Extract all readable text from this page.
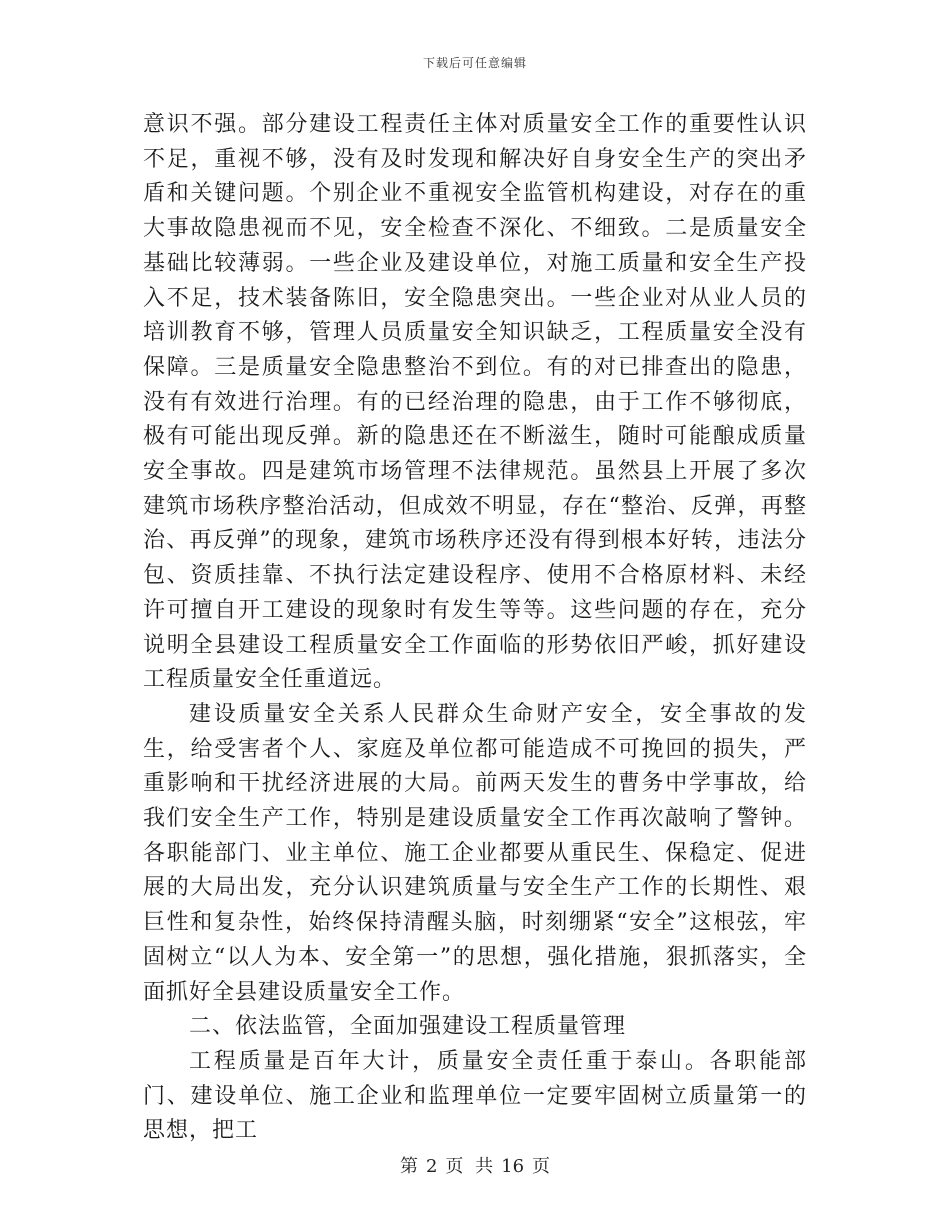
下载后可任意编辑

意识不强。部分建设工程责任主体对质量安全工作的重要性认识不足，重视不够，没有及时发现和解决好自身安全生产的突出矛盾和关键问题。个别企业不重视安全监管机构建设，对存在的重大事故隐患视而不见，安全检查不深化、不细致。二是质量安全基础比较薄弱。一些企业及建设单位，对施工质量和安全生产投入不足，技术装备陈旧，安全隐患突出。一些企业对从业人员的培训教育不够，管理人员质量安全知识缺乏，工程质量安全没有保障。三是质量安全隐患整治不到位。有的对已排查出的隐患，没有有效进行治理。有的已经治理的隐患，由于工作不够彻底，极有可能出现反弹。新的隐患还在不断滋生，随时可能酿成质量安全事故。四是建筑市场管理不法律规范。虽然县上开展了多次建筑市场秩序整治活动，但成效不明显，存在“整治、反弹，再整治、再反弹”的现象，建筑市场秩序还没有得到根本好转，违法分包、资质挂靠、不执行法定建设程序、使用不合格原材料、未经许可擅自开工建设的现象时有发生等等。这些问题的存在，充分说明全县建设工程质量安全工作面临的形势依旧严峻，抓好建设工程质量安全任重道远。

建设质量安全关系人民群众生命财产安全，安全事故的发生，给受害者个人、家庭及单位都可能造成不可挽回的损失，严重影响和干扰经济进展的大局。前两天发生的曹务中学事故，给我们安全生产工作，特别是建设质量安全工作再次敲响了警钟。各职能部门、业主单位、施工企业都要从重民生、保稳定、促进展的大局出发，充分认识建筑质量与安全生产工作的长期性、艰巨性和复杂性，始终保持清醒头脑，时刻绷紧“安全”这根弦，牢固树立“以人为本、安全第一”的思想，强化措施，狠抓落实，全面抓好全县建设质量安全工作。

二、依法监管，全面加强建设工程质量管理

工程质量是百年大计，质量安全责任重于泰山。各职能部门、建设单位、施工企业和监理单位一定要牢固树立质量第一的思想，把工

第 2 页 共 16 页
